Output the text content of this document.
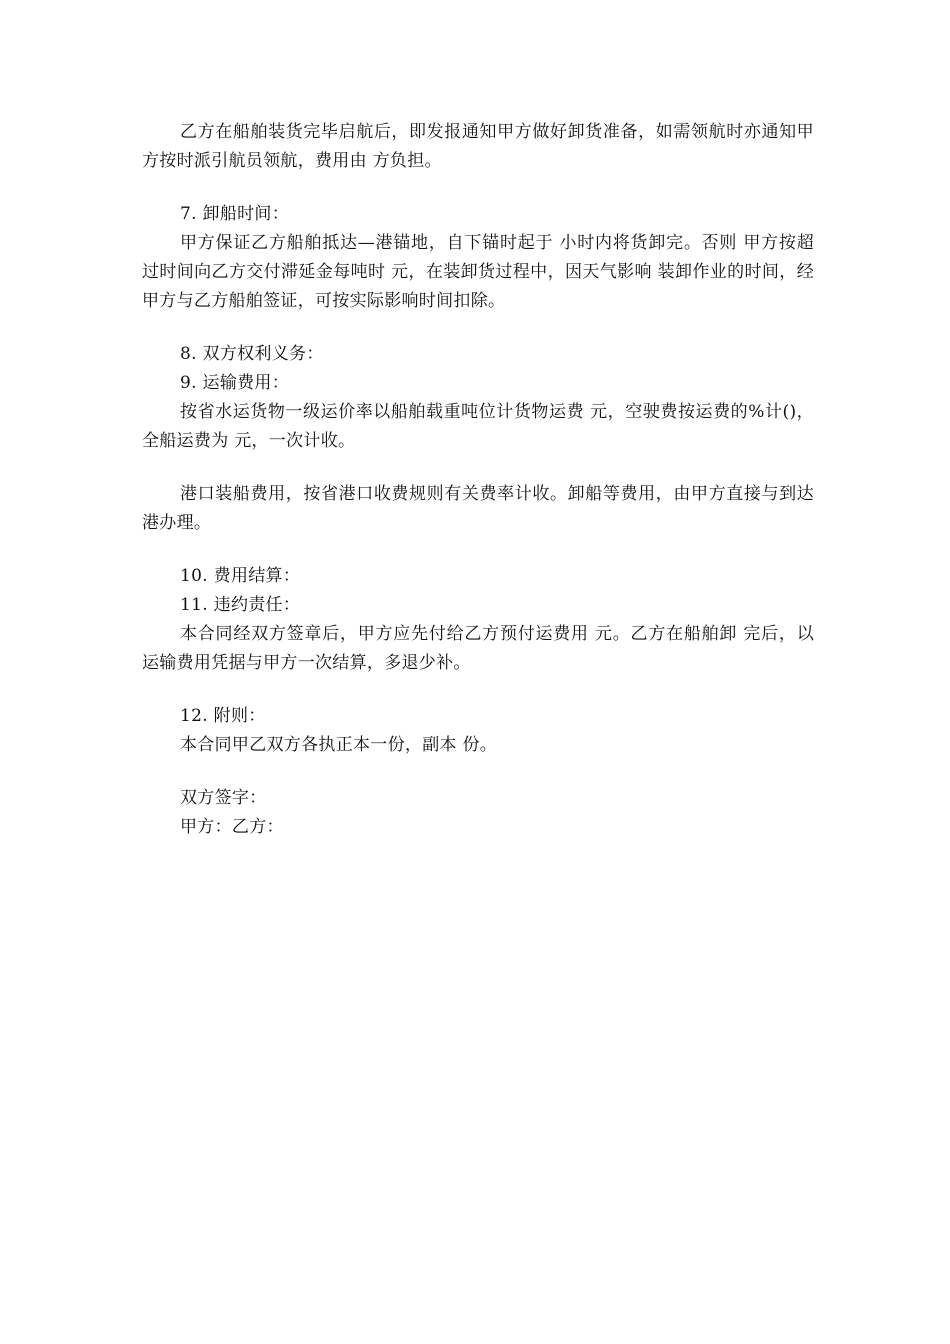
乙方在船舶装货完毕启航后，即发报通知甲方做好卸货准备，如需领航时亦通知甲方按时派引航员领航，费用由 方负担。

7. 卸船时间：

甲方保证乙方船舶抵达—港锚地，自下锚时起于 小时内将货卸完。否则 甲方按超过时间向乙方交付滞延金每吨时 元，在装卸货过程中，因天气影响 装卸作业的时间，经甲方与乙方船舶签证，可按实际影响时间扣除。

8. 双方权利义务：

9. 运输费用：

按省水运货物一级运价率以船舶载重吨位计货物运费 元，空驶费按运费的%计()，全船运费为 元，一次计收。

港口装船费用，按省港口收费规则有关费率计收。卸船等费用，由甲方直接与到达港办理。

10. 费用结算：

11. 违约责任：

本合同经双方签章后，甲方应先付给乙方预付运费用 元。乙方在船舶卸 完后，以运输费用凭据与甲方一次结算，多退少补。

12. 附则：

本合同甲乙双方各执正本一份，副本 份。

双方签字：

甲方：乙方：
